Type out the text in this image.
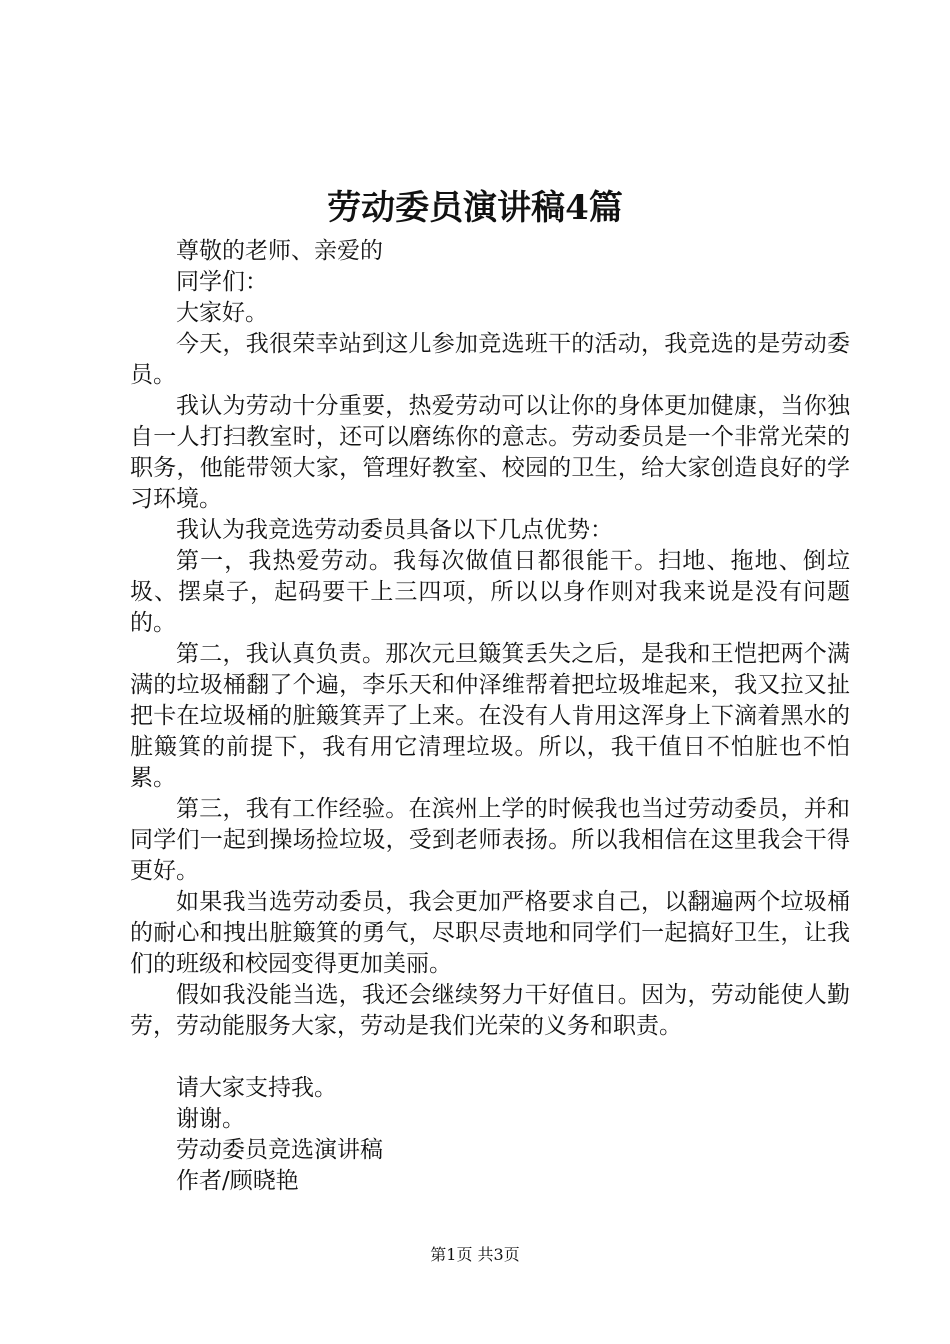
劳动委员演讲稿4篇

尊敬的老师、亲爱的

同学们：

大家好。

今天，我很荣幸站到这儿参加竞选班干的活动，我竞选的是劳动委员。

我认为劳动十分重要，热爱劳动可以让你的身体更加健康，当你独自一人打扫教室时，还可以磨练你的意志。劳动委员是一个非常光荣的职务，他能带领大家，管理好教室、校园的卫生，给大家创造良好的学习环境。

我认为我竞选劳动委员具备以下几点优势：

第一，我热爱劳动。我每次做值日都很能干。扫地、拖地、倒垃圾、摆桌子，起码要干上三四项，所以以身作则对我来说是没有问题的。

第二，我认真负责。那次元旦簸箕丢失之后，是我和王恺把两个满满的垃圾桶翻了个遍，李乐天和仲泽维帮着把垃圾堆起来，我又拉又扯把卡在垃圾桶的脏簸箕弄了上来。在没有人肯用这浑身上下滴着黑水的脏簸箕的前提下，我有用它清理垃圾。所以，我干值日不怕脏也不怕累。

第三，我有工作经验。在滨州上学的时候我也当过劳动委员，并和同学们一起到操场捡垃圾，受到老师表扬。所以我相信在这里我会干得更好。

如果我当选劳动委员，我会更加严格要求自己，以翻遍两个垃圾桶的耐心和拽出脏簸箕的勇气，尽职尽责地和同学们一起搞好卫生，让我们的班级和校园变得更加美丽。

假如我没能当选，我还会继续努力干好值日。因为，劳动能使人勤劳，劳动能服务大家，劳动是我们光荣的义务和职责。

请大家支持我。

谢谢。

劳动委员竞选演讲稿

作者/顾晓艳

第1页 共3页
